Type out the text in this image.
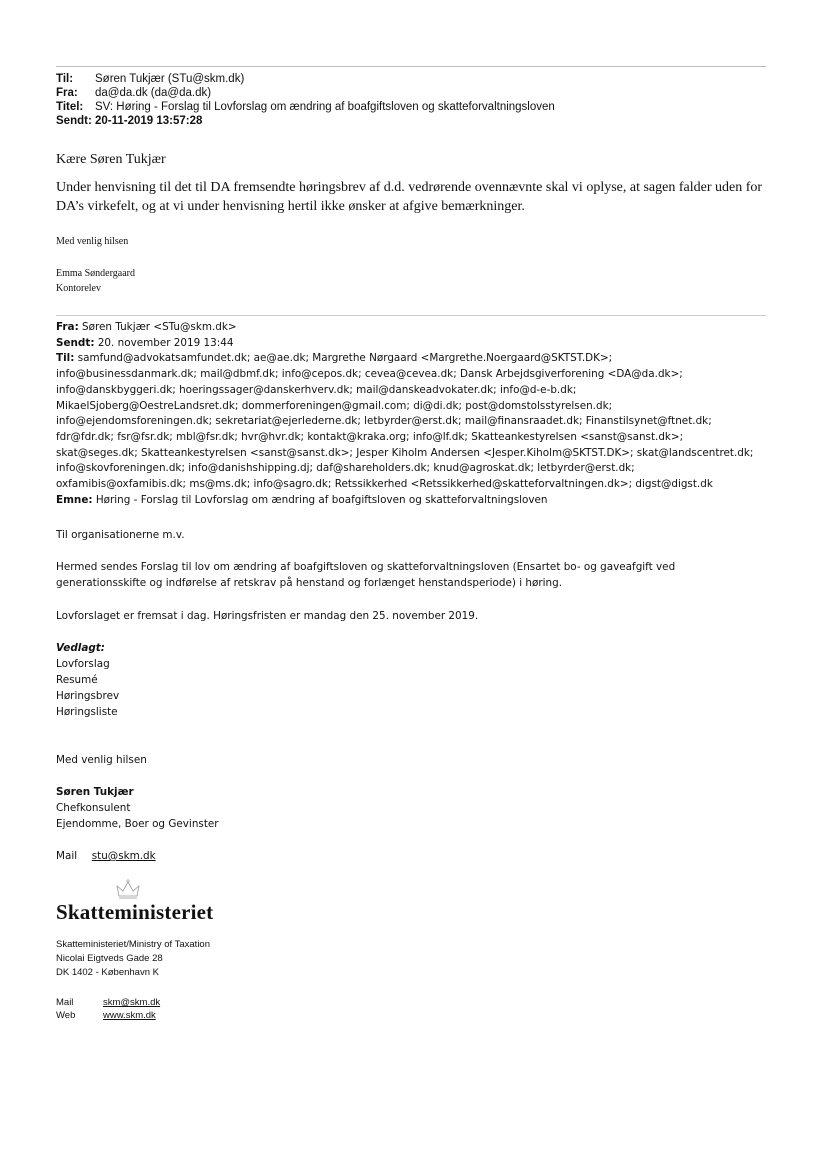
Til:	Søren Tukjær (STu@skm.dk)
Fra:	da@da.dk (da@da.dk)
Titel:	SV: Høring - Forslag til Lovforslag om ændring af boafgiftsloven og skatteforvaltningsloven
Sendt: 20-11-2019 13:57:28
Kære Søren Tukjær
Under henvisning til det til DA fremsendte høringsbrev af d.d. vedrørende ovennævnte skal vi oplyse, at sagen falder uden for DA’s virkefelt, og at vi under henvisning hertil ikke ønsker at afgive bemærkninger.
Med venlig hilsen
Emma Søndergaard
Kontorelev
Fra: Søren Tukjær <STu@skm.dk>
Sendt: 20. november 2019 13:44
Til: samfund@advokatsamfundet.dk; ae@ae.dk; Margrethe Nørgaard <Margrethe.Noergaard@SKTST.DK>;
info@businessdanmark.dk; mail@dbmf.dk; info@cepos.dk; cevea@cevea.dk; Dansk Arbejdsgiverforening <DA@da.dk>;
info@danskbyggeri.dk; hoeringssager@danskerhverv.dk; mail@danskeadvokater.dk; info@d-e-b.dk;
MikaelSjoberg@OestreLandsret.dk; dommerforeningen@gmail.com; di@di.dk; post@domstolsstyrelsen.dk;
info@ejendomsforeningen.dk; sekretariat@ejerlederne.dk; letbyrder@erst.dk; mail@finansraadet.dk; Finanstilsynet@ftnet.dk;
fdr@fdr.dk; fsr@fsr.dk; mbl@fsr.dk; hvr@hvr.dk; kontakt@kraka.org; info@lf.dk; Skatteankestyrelsen <sanst@sanst.dk>;
skat@seges.dk; Skatteankestyrelsen <sanst@sanst.dk>; Jesper Kiholm Andersen <Jesper.Kiholm@SKTST.DK>; skat@landscentret.dk;
info@skovforeningen.dk; info@danishshipping.dj; daf@shareholders.dk; knud@agroskat.dk; letbyrder@erst.dk;
oxfamibis@oxfamibis.dk; ms@ms.dk; info@sagro.dk; Retssikkerhed <Retssikkerhed@skatteforvaltningen.dk>; digst@digst.dk
Emne: Høring - Forslag til Lovforslag om ændring af boafgiftsloven og skatteforvaltningsloven
Til organisationerne m.v.
Hermed sendes Forslag til lov om ændring af boafgiftsloven og skatteforvaltningsloven (Ensartet bo- og gaveafgift ved generationsskifte og indførelse af retskrav på henstand og forlænget henstandsperiode) i høring.
Lovforslaget er fremsat i dag. Høringsfristen er mandag den 25. november 2019.
Vedlagt:
Lovforslag
Resumé
Høringsbrev
Høringsliste
Med venlig hilsen
Søren Tukjær
Chefkonsulent
Ejendomme, Boer og Gevinster
Mail stu@skm.dk
Skatteministeriet
Skatteministeriet/Ministry of Taxation
Nicolai Eigtveds Gade 28
DK 1402 - København K
Mail	skm@skm.dk
Web	www.skm.dk
